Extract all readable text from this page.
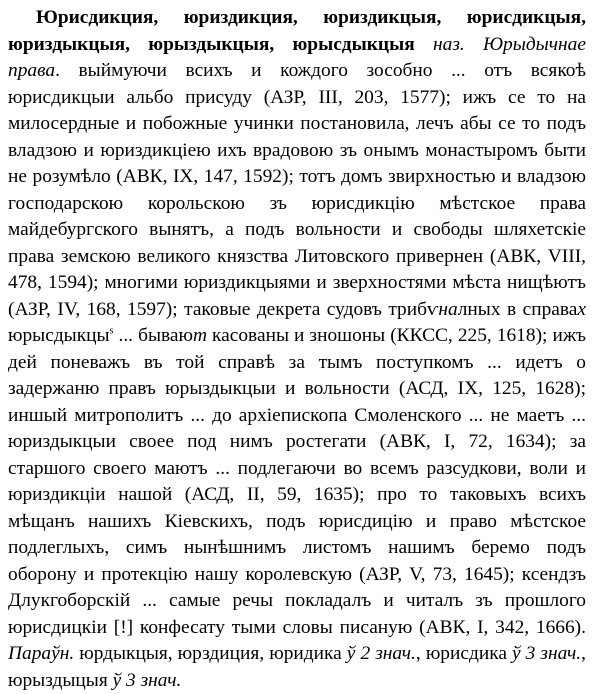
Юрисдикция, юриздикция, юриздикцыя, юрисдикцыя, юриздыкцыя, юрыздыкцыя, юрысдыкцыя наз. Юрыдычнае права. выймуючи всихъ и кождого зособно ... отъ всякоѣ юрисдикцыи альбо присуду (АЗР, III, 203, 1577); ижъ се то на милосердные и побожные учинки постановила, лечъ абы се то подъ владзою и юриздикціею ихъ врадовою зъ онымъ монастыромъ быти не розумѣло (АВК, IX, 147, 1592); тотъ домъ звирхностью и владзою господарскою корольскою зъ юрисдикцію мѣстское права майдебургского вынятъ, а подъ вольности и свободы шляхетскіе права земскою великого князства Литовского привернен (АВК, VIII, 478, 1594); многими юриздикцыями и зверхностями мѣста нищѣютъ (АЗР, IV, 168, 1597); таковые декрета судовъ трибѵналных в справах юрысдыкцы$^s$ ... бывают касованы и зношоны (ККСС, 225, 1618); ижъ дей поневажъ въ той справѣ за тымъ поступкомъ ... идетъ о задержаню правъ юрыздыкцыи и вольности (АСД, IX, 125, 1628); иншый митрополитъ ... до архіепископа Смоленского ... не маетъ ... юриздыкцыи своее под нимъ ростегати (АВК, I, 72, 1634); за старшого своего маютъ ... подлегаючи во всемъ разсудкови, воли и юриздикціи нашой (АСД, II, 59, 1635); про то таковыхъ всихъ мѣщанъ нашихъ Кіевскихъ, подъ юрисдицію и право мѣстское подлеглыхъ, симъ нынѣшнимъ листомъ нашимъ беремо подъ оборону и протекцію нашу королевскую (АЗР, V, 73, 1645); ксендзъ Длукгоборскій ... самые речы покладалъ и читалъ зъ прошлого юрисдицкіи [!] конфесату тыми словы писаную (АВК, I, 342, 1666). Параўн. юрдыкцыя, юрздиция, юридика ў 2 знач., юрисдика ў 3 знач., юрыздыцыя ў 3 знач.
